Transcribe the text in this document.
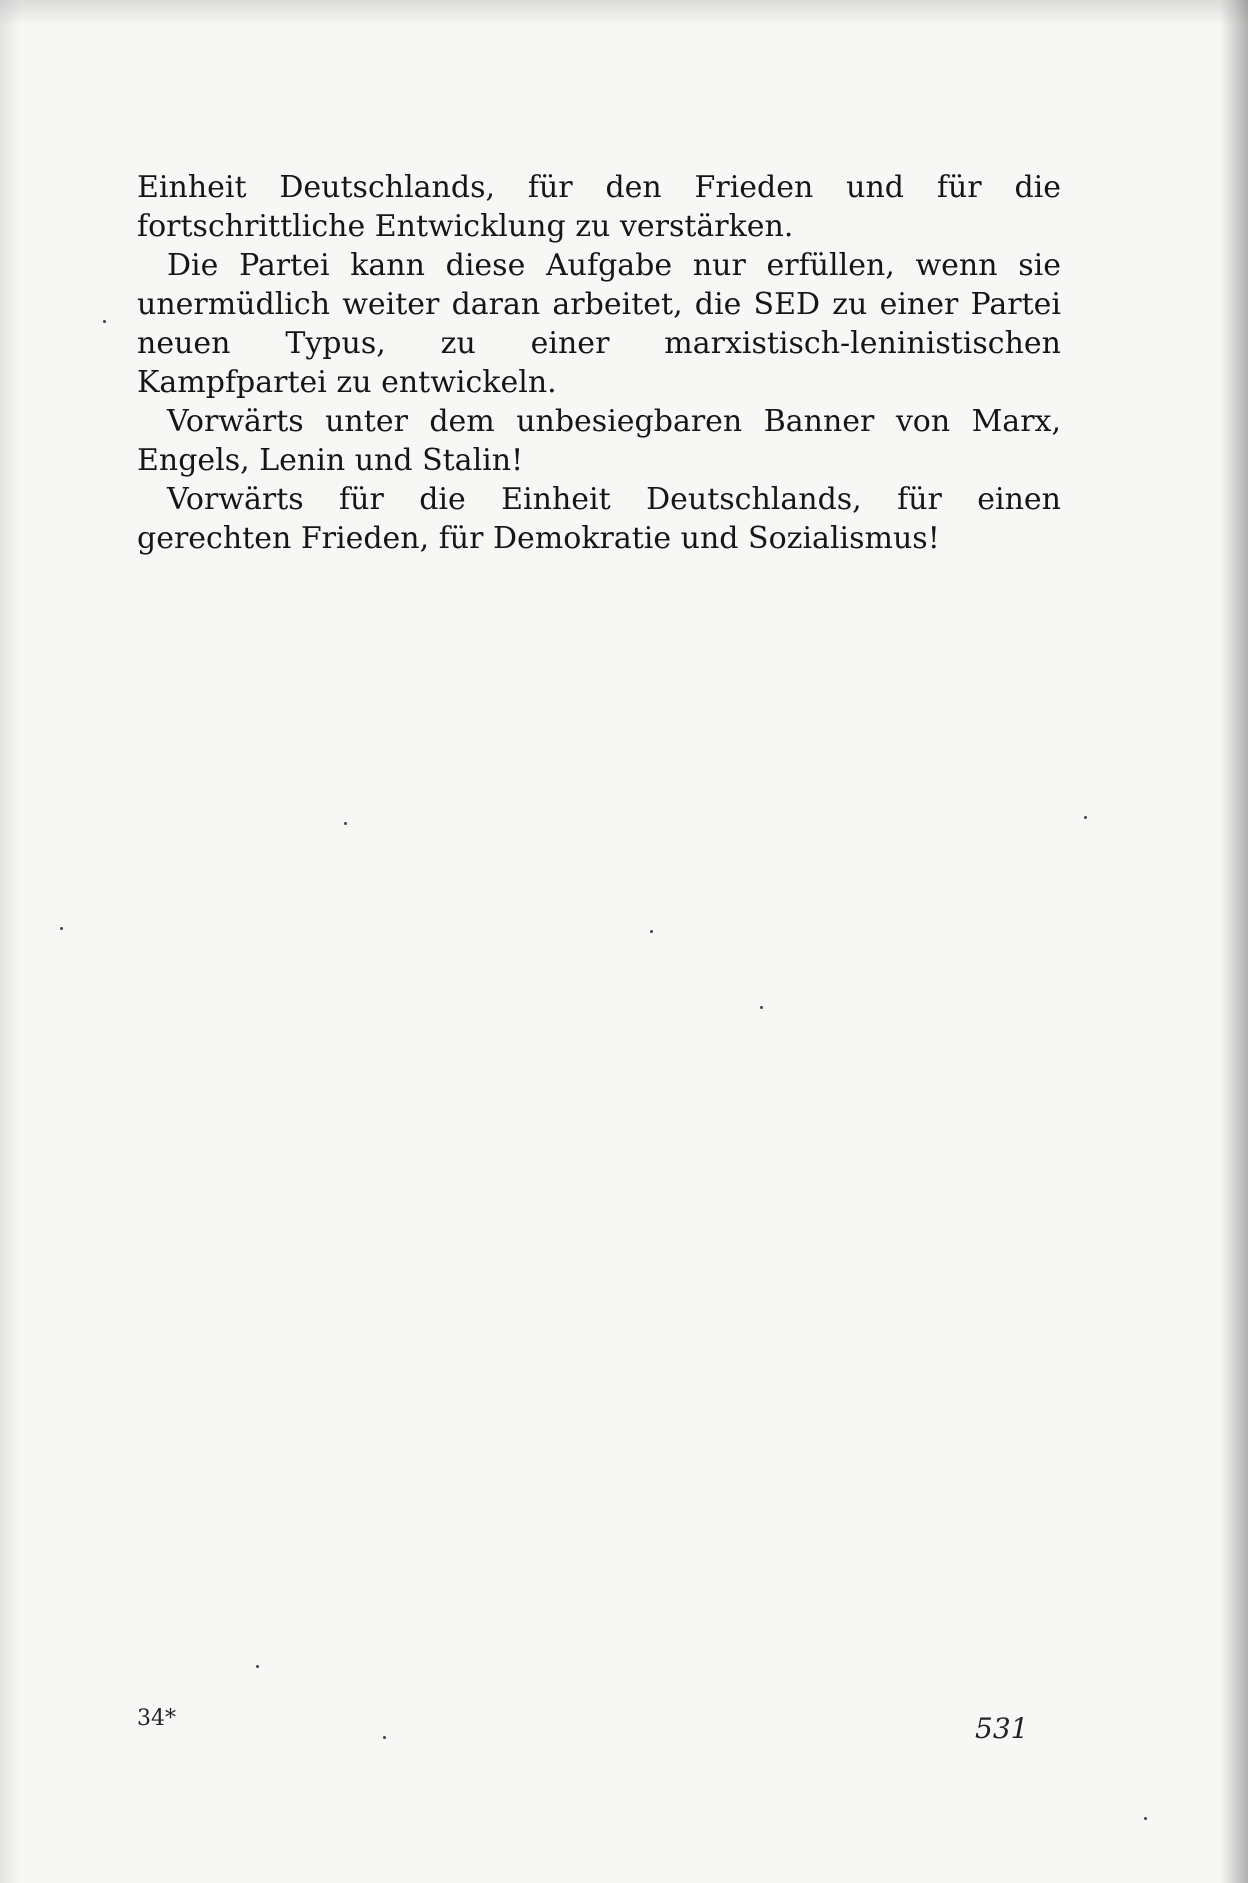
Einheit Deutschlands, für den Frieden und für die fortschrittliche Entwicklung zu verstärken.

Die Partei kann diese Aufgabe nur erfüllen, wenn sie unermüdlich weiter daran arbeitet, die SED zu einer Partei neuen Typus, zu einer marxistisch-leninistischen Kampfpartei zu entwickeln.

Vorwärts unter dem unbesiegbaren Banner von Marx, Engels, Lenin und Stalin!

Vorwärts für die Einheit Deutschlands, für einen gerechten Frieden, für Demokratie und Sozialismus!

34*	531
